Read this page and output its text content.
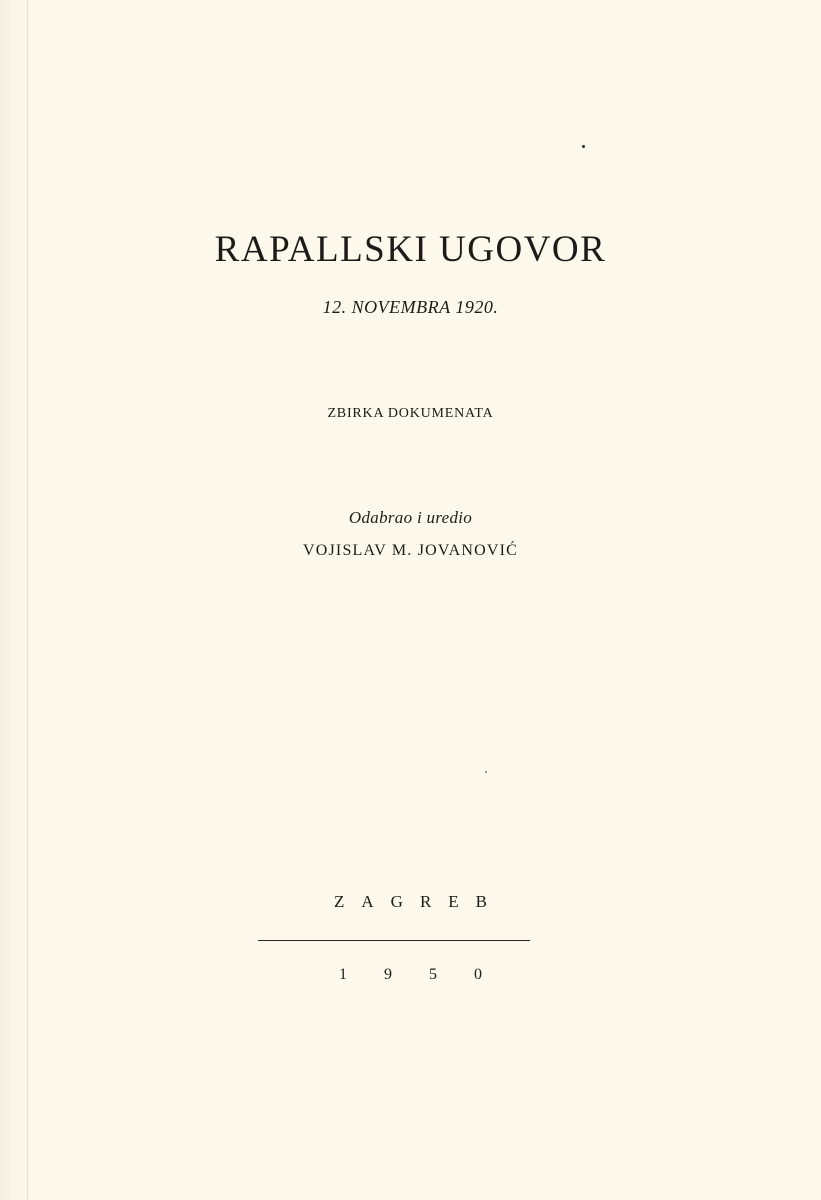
RAPALLSKI UGOVOR
12. NOVEMBRA 1920.
ZBIRKA DOKUMENATA
Odabrao i uredio
VOJISLAV M. JOVANOVIĆ
ZAGREB
1950
